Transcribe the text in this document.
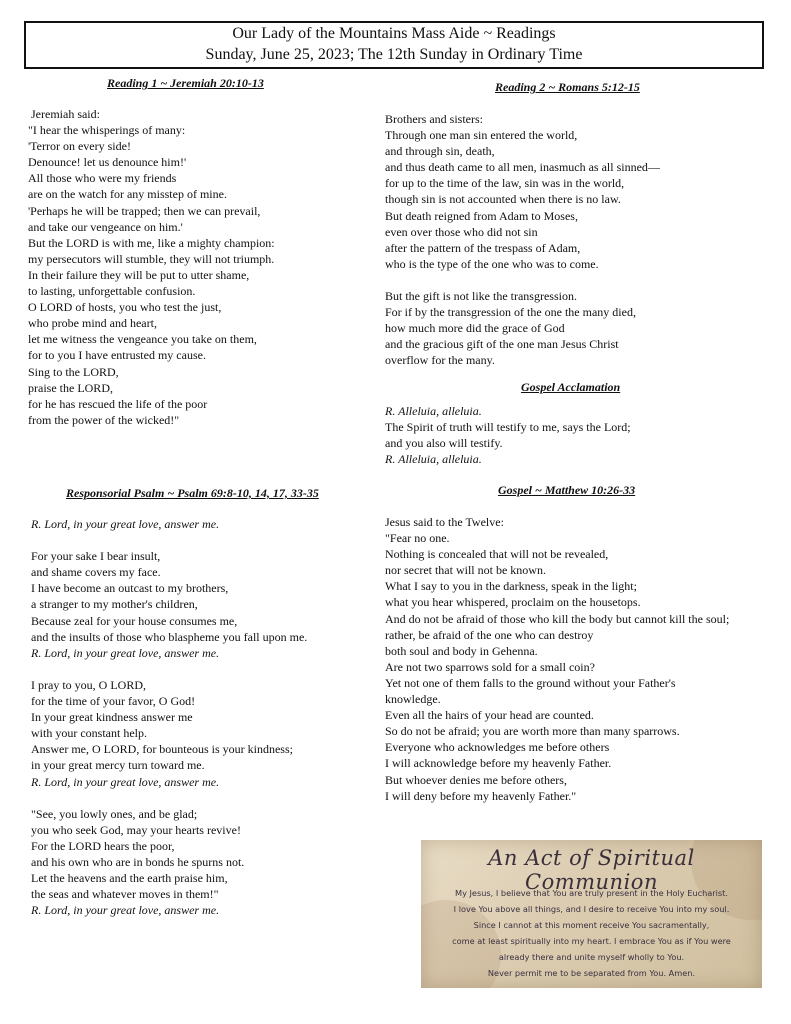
Our Lady of the Mountains Mass Aide ~ Readings
Sunday, June 25, 2023; The 12th Sunday in Ordinary Time
Reading 1 ~ Jeremiah 20:10-13
Jeremiah said:
"I hear the whisperings of many:
'Terror on every side!
Denounce! let us denounce him!'
All those who were my friends
are on the watch for any misstep of mine.
'Perhaps he will be trapped; then we can prevail,
and take our vengeance on him.'
But the LORD is with me, like a mighty champion:
my persecutors will stumble, they will not triumph.
In their failure they will be put to utter shame,
to lasting, unforgettable confusion.
O LORD of hosts, you who test the just,
who probe mind and heart,
let me witness the vengeance you take on them,
for to you I have entrusted my cause.
Sing to the LORD,
praise the LORD,
for he has rescued the life of the poor
from the power of the wicked!"
Responsorial Psalm ~ Psalm 69:8-10, 14, 17, 33-35
R. Lord, in your great love, answer me.

For your sake I bear insult,
and shame covers my face.
I have become an outcast to my brothers,
a stranger to my mother's children,
Because zeal for your house consumes me,
and the insults of those who blaspheme you fall upon me.
R. Lord, in your great love, answer me.

I pray to you, O LORD,
for the time of your favor, O God!
In your great kindness answer me
with your constant help.
Answer me, O LORD, for bounteous is your kindness;
in your great mercy turn toward me.
R. Lord, in your great love, answer me.

"See, you lowly ones, and be glad;
you who seek God, may your hearts revive!
For the LORD hears the poor,
and his own who are in bonds he spurns not.
Let the heavens and the earth praise him,
the seas and whatever moves in them!"
R. Lord, in your great love, answer me.
Reading 2 ~ Romans 5:12-15
Brothers and sisters:
Through one man sin entered the world,
and through sin, death,
and thus death came to all men, inasmuch as all sinned—
for up to the time of the law, sin was in the world,
though sin is not accounted when there is no law.
But death reigned from Adam to Moses,
even over those who did not sin
after the pattern of the trespass of Adam,
who is the type of the one who was to come.

But the gift is not like the transgression.
For if by the transgression of the one the many died,
how much more did the grace of God
and the gracious gift of the one man Jesus Christ
overflow for the many.
Gospel Acclamation
R. Alleluia, alleluia.
The Spirit of truth will testify to me, says the Lord;
and you also will testify.
R. Alleluia, alleluia.
Gospel ~ Matthew 10:26-33
Jesus said to the Twelve:
"Fear no one.
Nothing is concealed that will not be revealed,
nor secret that will not be known.
What I say to you in the darkness, speak in the light;
what you hear whispered, proclaim on the housetops.
And do not be afraid of those who kill the body but cannot kill the soul;
rather, be afraid of the one who can destroy
both soul and body in Gehenna.
Are not two sparrows sold for a small coin?
Yet not one of them falls to the ground without your Father's
knowledge.
Even all the hairs of your head are counted.
So do not be afraid; you are worth more than many sparrows.
Everyone who acknowledges me before others
I will acknowledge before my heavenly Father.
But whoever denies me before others,
I will deny before my heavenly Father."
An Act of Spiritual Communion
My Jesus, I believe that You are truly present in the Holy Eucharist.
I love You above all things, and I desire to receive You into my soul.
Since I cannot at this moment receive You sacramentally,
come at least spiritually into my heart. I embrace You as if You were
already there and unite myself wholly to You.
Never permit me to be separated from You. Amen.
